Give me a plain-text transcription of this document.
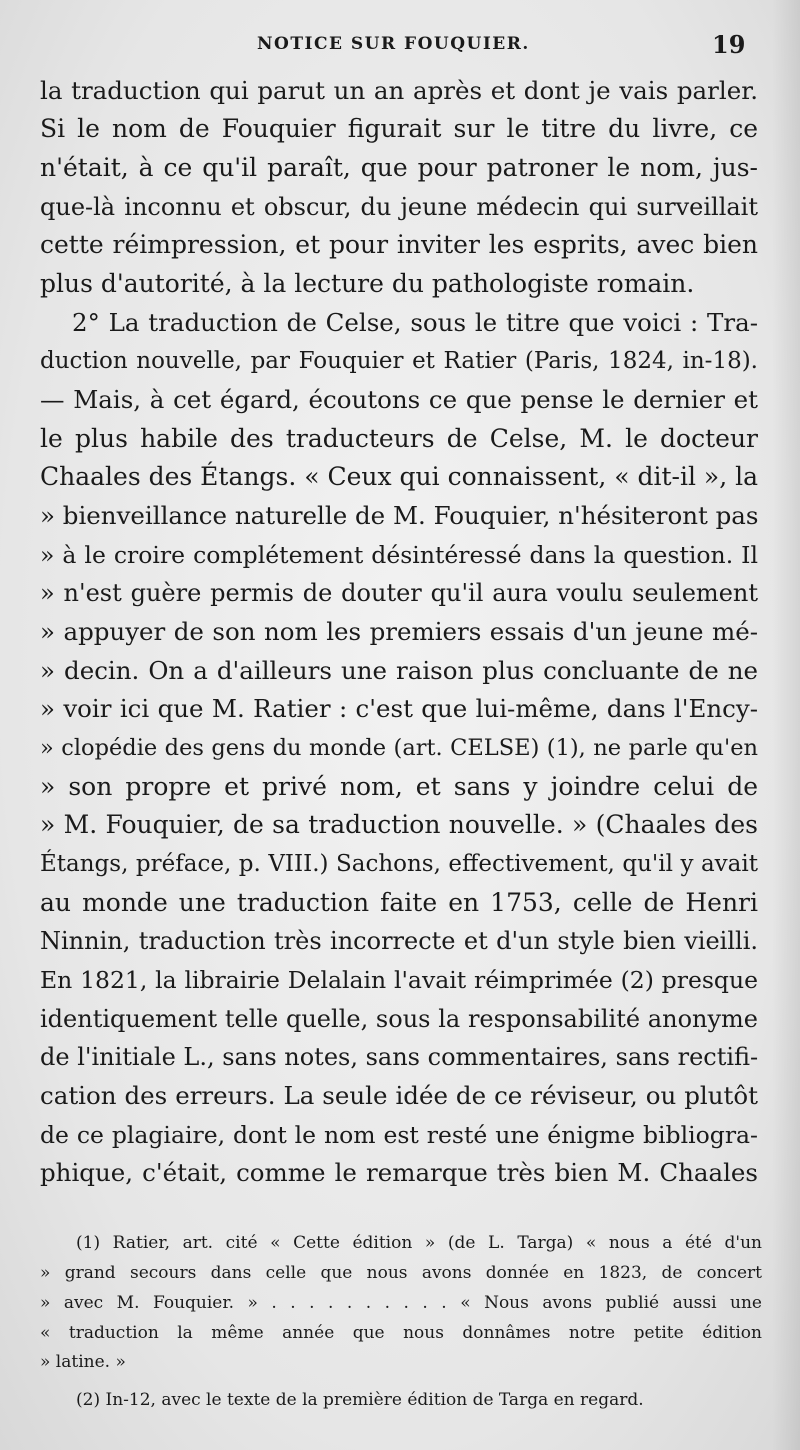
NOTICE SUR FOUQUIER.	19
la traduction qui parut un an après et dont je vais parler.
Si le nom de Fouquier figurait sur le titre du livre, ce
n'était, à ce qu'il paraît, que pour patroner le nom, jus-
que-là inconnu et obscur, du jeune médecin qui surveillait
cette réimpression, et pour inviter les esprits, avec bien
plus d'autorité, à la lecture du pathologiste romain.
2° La traduction de Celse, sous le titre que voici : Tra-
duction nouvelle, par Fouquier et Ratier (Paris, 1824, in-18).
— Mais, à cet égard, écoutons ce que pense le dernier et
le plus habile des traducteurs de Celse, M. le docteur
Chaales des Étangs. « Ceux qui connaissent, « dit-il », la
» bienveillance naturelle de M. Fouquier, n'hésiteront pas
» à le croire complétement désintéressé dans la question. Il
» n'est guère permis de douter qu'il aura voulu seulement
» appuyer de son nom les premiers essais d'un jeune mé-
» decin. On a d'ailleurs une raison plus concluante de ne
» voir ici que M. Ratier : c'est que lui-même, dans l'Ency-
» clopédie des gens du monde (art. CELSE) (1), ne parle qu'en
» son propre et privé nom, et sans y joindre celui de
» M. Fouquier, de sa traduction nouvelle. » (Chaales des
Étangs, préface, p. VIII.) Sachons, effectivement, qu'il y avait
au monde une traduction faite en 1753, celle de Henri
Ninnin, traduction très incorrecte et d'un style bien vieilli.
En 1821, la librairie Delalain l'avait réimprimée (2) presque
identiquement telle quelle, sous la responsabilité anonyme
de l'initiale L., sans notes, sans commentaires, sans rectifi-
cation des erreurs. La seule idée de ce réviseur, ou plutôt
de ce plagiaire, dont le nom est resté une énigme bibliogra-
phique, c'était, comme le remarque très bien M. Chaales
(1) Ratier, art. cité « Cette édition » (de L. Targa) « nous a été d'un
» grand secours dans celle que nous avons donnée en 1823, de concert
» avec M. Fouquier. » . . . . . . . . . . « Nous avons publié aussi une
« traduction la même année que nous donnâmes notre petite édition
» latine. »
(2) In-12, avec le texte de la première édition de Targa en regard.
